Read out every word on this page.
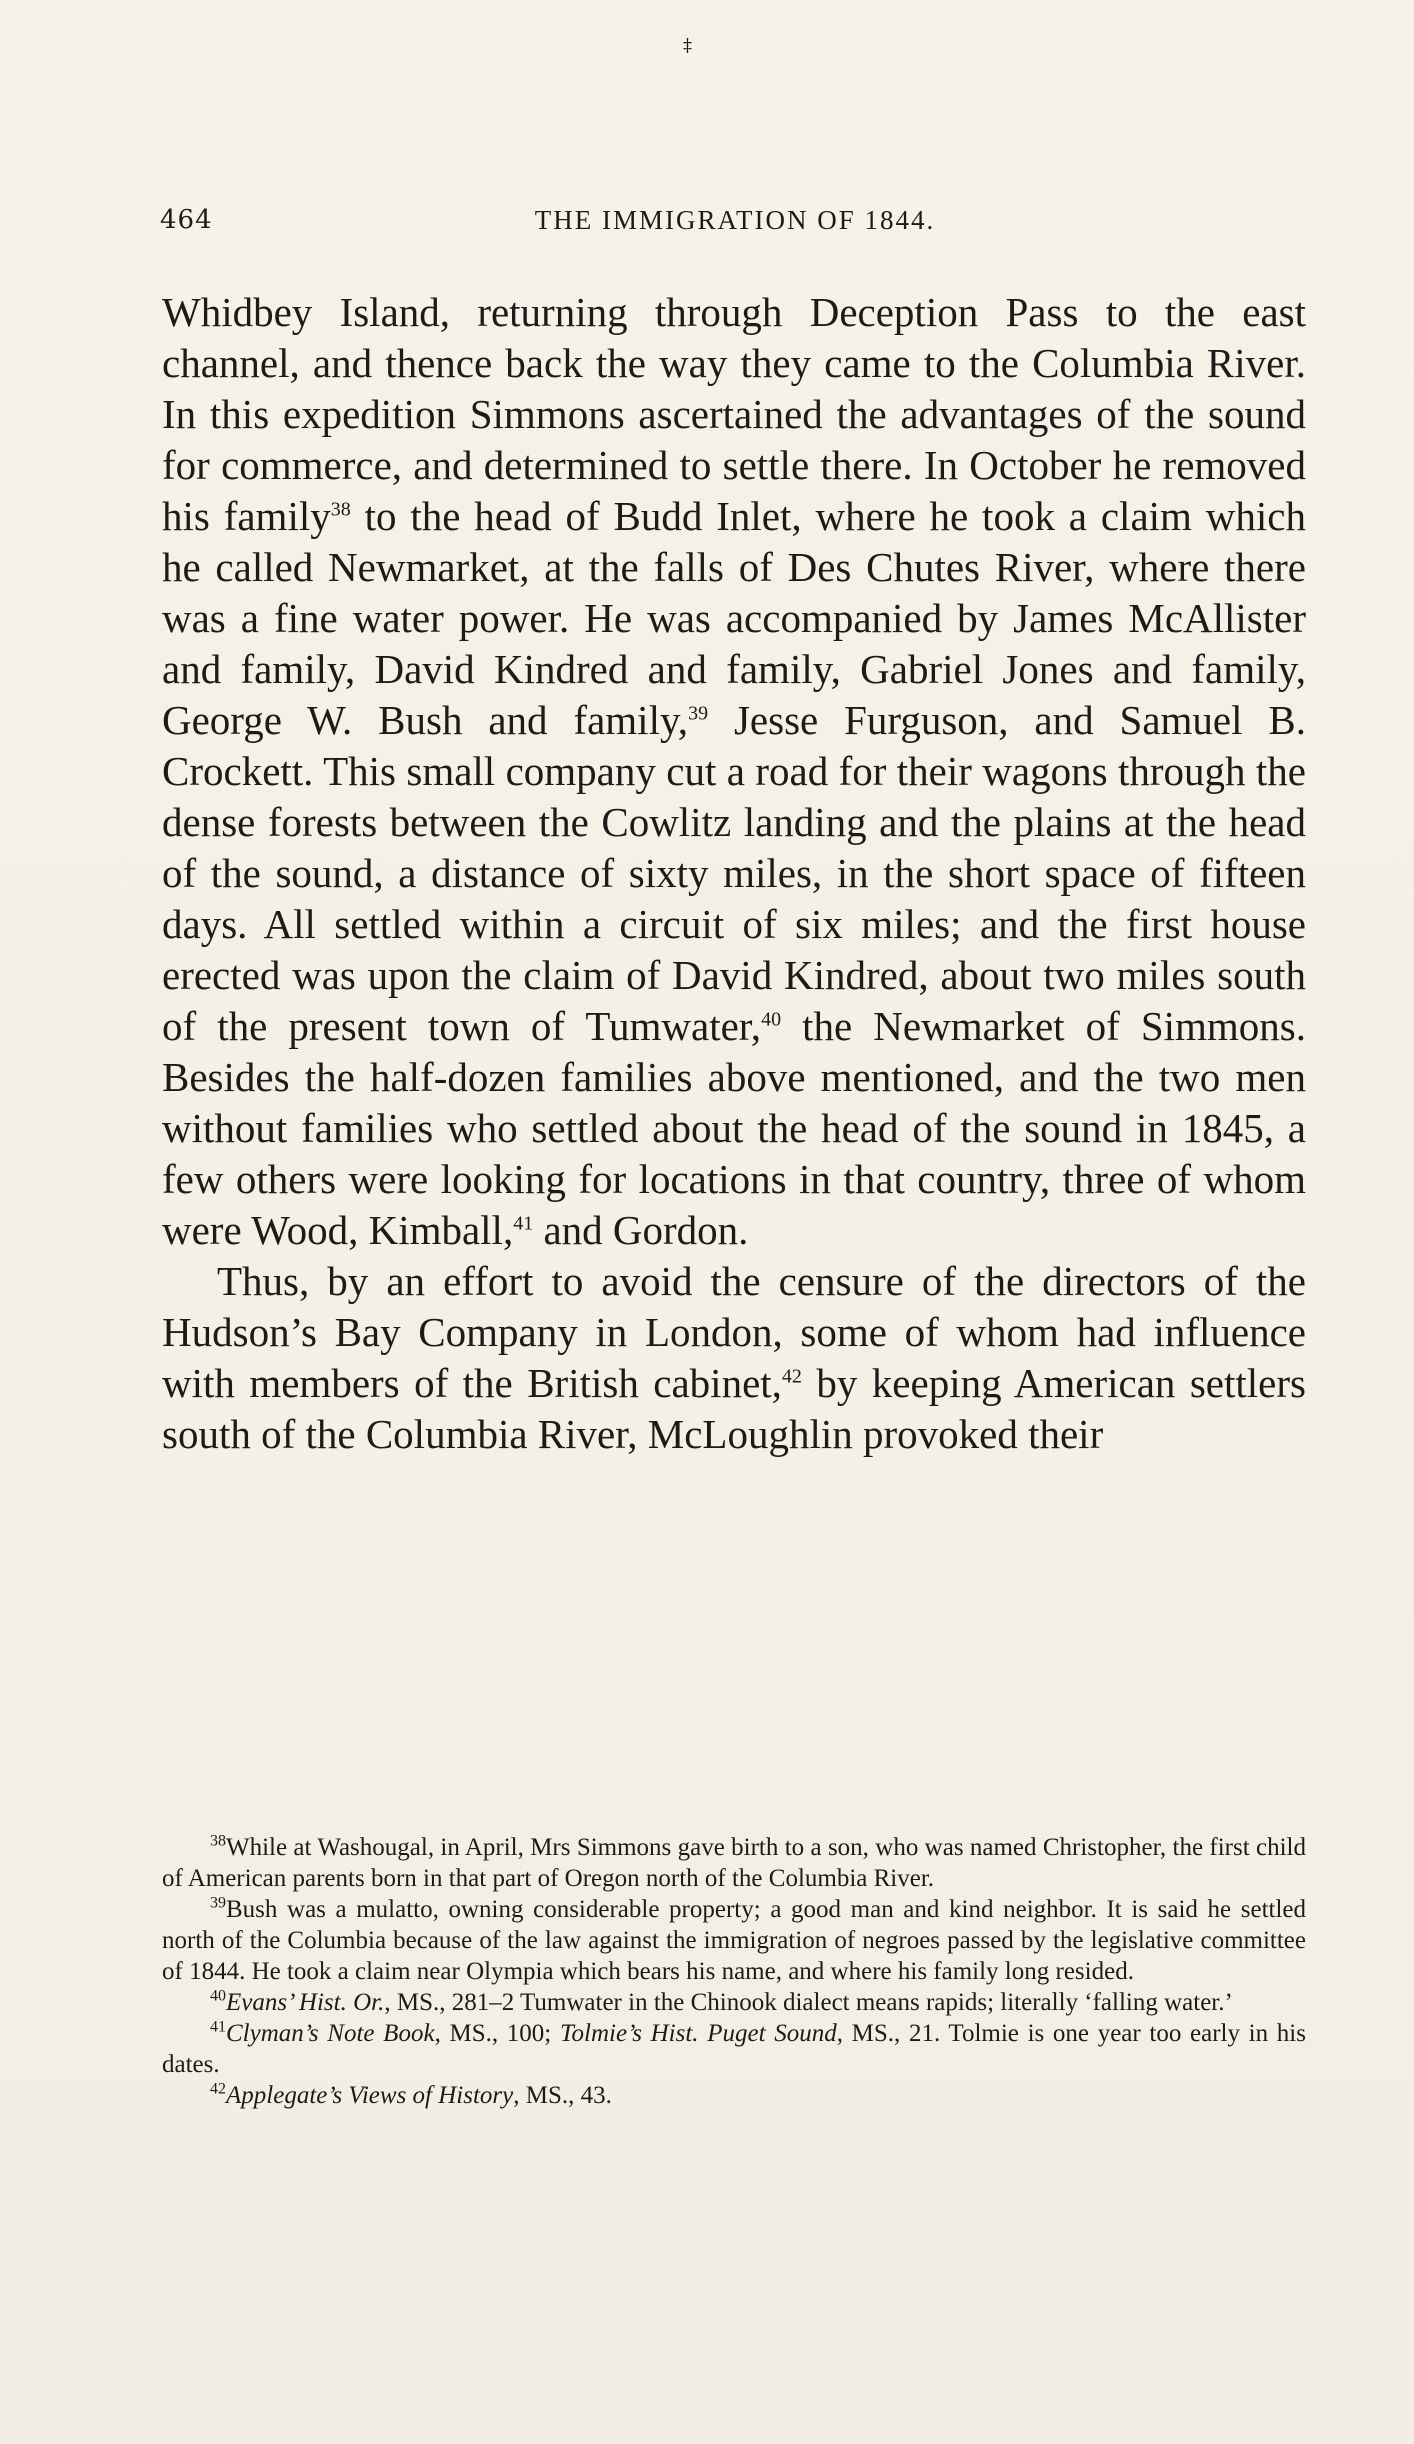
‡
464	THE IMMIGRATION OF 1844.

Whidbey Island, returning through Deception Pass to the east channel, and thence back the way they came to the Columbia River. In this expedition Simmons ascertained the advantages of the sound for commerce, and determined to settle there. In October he removed his family$^{38}$ to the head of Budd Inlet, where he took a claim which he called Newmarket, at the falls of Des Chutes River, where there was a fine water power. He was accompanied by James McAllister and family, David Kindred and family, Gabriel Jones and family, George W. Bush and family,$^{39}$ Jesse Furguson, and Samuel B. Crockett. This small company cut a road for their wagons through the dense forests between the Cowlitz landing and the plains at the head of the sound, a distance of sixty miles, in the short space of fifteen days. All settled within a circuit of six miles; and the first house erected was upon the claim of David Kindred, about two miles south of the present town of Tumwater,$^{40}$ the Newmarket of Simmons. Besides the half-dozen families above mentioned, and the two men without families who settled about the head of the sound in 1845, a few others were looking for locations in that country, three of whom were Wood, Kimball,$^{41}$ and Gordon.

Thus, by an effort to avoid the censure of the directors of the Hudson’s Bay Company in London, some of whom had influence with members of the British cabinet,$^{42}$ by keeping American settlers south of the Columbia River, McLoughlin provoked their

$^{38}$While at Washougal, in April, Mrs Simmons gave birth to a son, who was named Christopher, the first child of American parents born in that part of Oregon north of the Columbia River.

$^{39}$Bush was a mulatto, owning considerable property; a good man and kind neighbor. It is said he settled north of the Columbia because of the law against the immigration of negroes passed by the legislative committee of 1844. He took a claim near Olympia which bears his name, and where his family long resided.

$^{40}$Evans’ Hist. Or., MS., 281–2 Tumwater in the Chinook dialect means rapids; literally ‘falling water.’

$^{41}$Clyman’s Note Book, MS., 100; Tolmie’s Hist. Puget Sound, MS., 21. Tolmie is one year too early in his dates.

$^{42}$Applegate’s Views of History, MS., 43.
